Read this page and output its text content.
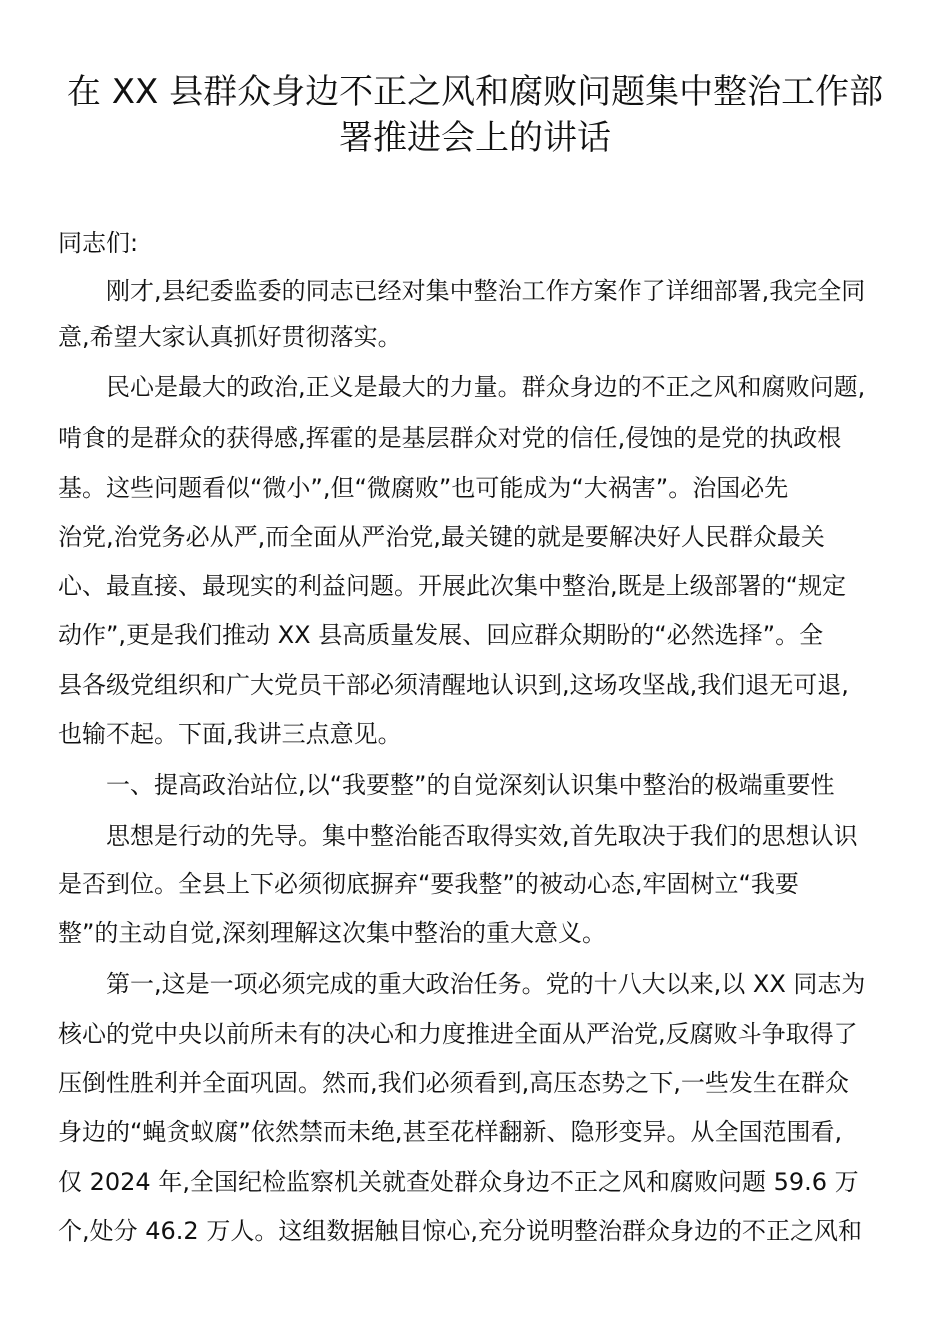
在 XX 县群众身边不正之风和腐败问题集中整治工作部
署推进会上的讲话

同志们:

　　刚才,县纪委监委的同志已经对集中整治工作方案作了详细部署,我完全同

意,希望大家认真抓好贯彻落实。

　　民心是最大的政治,正义是最大的力量。群众身边的不正之风和腐败问题,

啃食的是群众的获得感,挥霍的是基层群众对党的信任,侵蚀的是党的执政根

基。这些问题看似“微小”,但“微腐败”也可能成为“大祸害”。治国必先

治党,治党务必从严,而全面从严治党,最关键的就是要解决好人民群众最关

心、最直接、最现实的利益问题。开展此次集中整治,既是上级部署的“规定

动作”,更是我们推动 XX 县高质量发展、回应群众期盼的“必然选择”。全

县各级党组织和广大党员干部必须清醒地认识到,这场攻坚战,我们退无可退,

也输不起。下面,我讲三点意见。

　　一、提高政治站位,以“我要整”的自觉深刻认识集中整治的极端重要性

　　思想是行动的先导。集中整治能否取得实效,首先取决于我们的思想认识

是否到位。全县上下必须彻底摒弃“要我整”的被动心态,牢固树立“我要

整”的主动自觉,深刻理解这次集中整治的重大意义。

　　第一,这是一项必须完成的重大政治任务。党的十八大以来,以 XX 同志为

核心的党中央以前所未有的决心和力度推进全面从严治党,反腐败斗争取得了

压倒性胜利并全面巩固。然而,我们必须看到,高压态势之下,一些发生在群众

身边的“蝇贪蚁腐”依然禁而未绝,甚至花样翻新、隐形变异。从全国范围看,

仅 2024 年,全国纪检监察机关就查处群众身边不正之风和腐败问题 59.6 万

个,处分 46.2 万人。这组数据触目惊心,充分说明整治群众身边的不正之风和
